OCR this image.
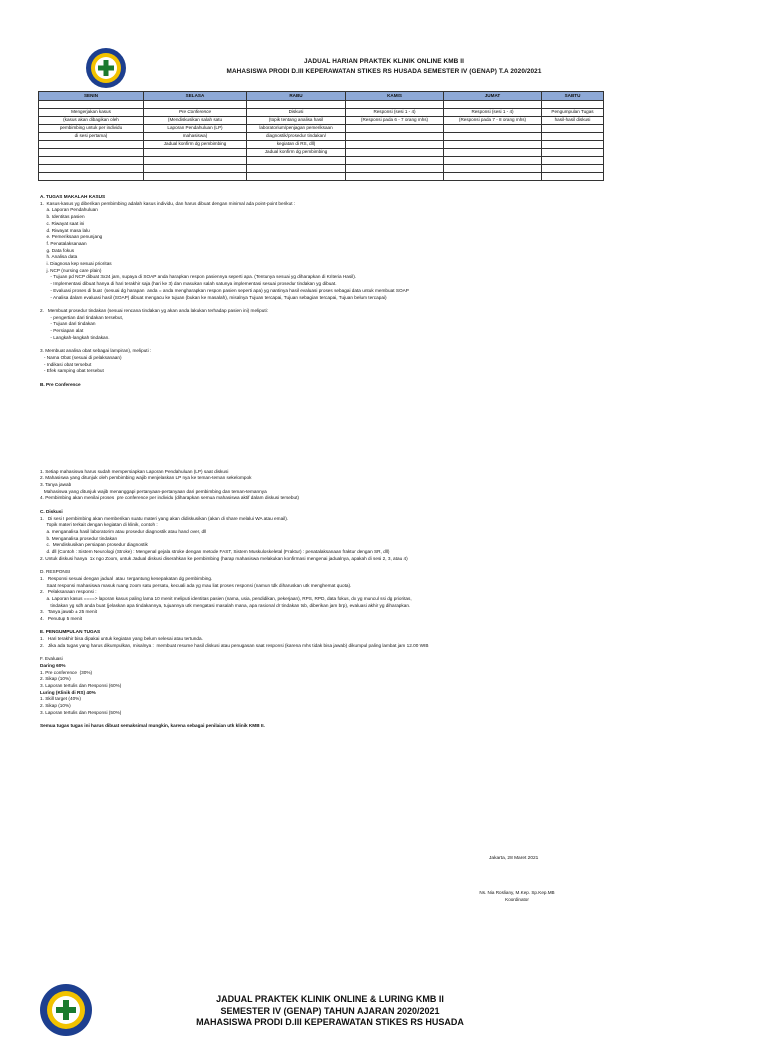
JADUAL HARIAN PRAKTEK KLINIK ONLINE KMB II
MAHASISWA PRODI D.III KEPERAWATAN STIKES RS HUSADA SEMESTER IV (GENAP) T.A 2020/2021
SENIN	SELASA	RABU	KAMIS	JUMAT	SABTU

Mengerjakan kasus	Pre Conference	Diskusi	Responsi (sesi 1 - 4)	Responsi (sesi 1 - 4)	Pengumpulan Tugas
(kasus akan dibagikan oleh	(Mendiskusikan salah satu	(topik tentang analisa hasil	(Responsi pada 6 - 7 orang mhs)	(Responsi pada 7 - 8 orang mhs)	hasil-hasil diskusi
pembimbing untuk per individu	Laporan Pendahuluan (LP)	laboratorium/penjagan pemeriksaan			
di sesi pertama)	mahasiswa)	diagnostik/prosedur tindakan/			
	Jadual konfirm dg pembimbing	kegiatan di RS, dll)			
		Jadual konfirm dg pembimbing			

A. TUGAS MAKALAH KASUS

1.  Kasus-kasus yg diberikan pembimbing adalah kasus individu, dan harus dibuat dengan minimal ada point-point berikut :

a. Laporan Pendahuluan

b. Identitas pasien

c. Riwayat saat ini

d. Riwayat masa lalu

e. Pemeriksaan penunjang

f. Penatalaksanaan

g. Data fokus

h. Analisa data

i. Diagnosa kep sesuai prioritas

j. NCP (nursing care plain)

- Tujuan pd NCP dibuat 3x24 jam, supaya di SOAP anda harapkan respon pasiennya seperti apa. (Tentunya sesuai yg diharapkan di Kriteria Hasil).

- Implementasi dibuat hanya di hari terakhir saja (hari ke 3) dan masukan salah satunya implementasi sesuai prosedur tindakan yg dibuat.

- Evaluasi proses di buat  (sesuai dg harapan  anda = anda mengharapkan respon pasien seperti apa) yg nantinya hasil evaluasi proses sebagai data untuk membuat SOAP

- Analisa dalam evaluasi hasil (SOAP) dibuat mengacu ke tujuan (bukan ke masalah), misalnya Tujuan tercapai, Tujuan sebagian tercapai, Tujuan belum tercapai)

2.   Membuat prosedur tindakan (sesuai rencana tindakan yg akan anda lakukan terhadap pasien ini) meliputi:

- pengertian dari tindakan tersebut,

- Tujuan dari tindakan

- Persiapan alat

- Langkah-langkah tindakan.

3. Membuat analisa obat sebagai lampiran), meliputi :

- Nama Obat (sesuai di pelaksanaan)

- Indikasi obat tersebut

- Efek samping obat tersebut

B. Pre Conference

1. Setiap mahasiswa harus sudah mempersiapkan Laporan Pendahuluan (LP) saat diskusi

2. Mahasiswa yang ditunjuk oleh pembimbing wajib menjelaskan LP nya ke teman-teman sekelompok

3. Tanya jawab

Mahasiswa yang ditunjuk wajib menanggapi pertanyaan-pertanyaan dari pembimbing dan teman-temannya

4. Pembimbing akan menilai proses  pre conference per individu (diharapkan semua mahasiswa aktif dalam diskusi tersebut)

C. Diskusi

1.   Di sesi I pembimbing akan memberikan suatu materi yang akan didiskusikan (akan di share melalui WA atau email).

Topik materi terkait dengan kegiatan di klinik, contoh :

a. menganalisa hasil laboratorim atau prosedur diagnostik atau hand over, dll

b. Menganalisa prosedur tindakan

c.  Mendiskusikan persiapan prosedur diagnostik

d. dll (Contoh : Sistem Neurologi (Stroke) : Mengenal gejala stroke dengan metode FAST, Sistem Muskuloskeletal (Fraktur) : penatalaksanaan fraktur dengan SR, dll)

2. Untuk diskusi hanya  1x ngo Zoom, untuk Jadual diskusi diserahkan ke pembimbing (harap mahasiswa melakukan konfirmasi mengenai jadualnya, apakah di sesi 2, 3, atau 4)

D. RESPONSI

1.   Responsi sesuai dengan jadual  atau  tergantung kesepakatan dg pembimbing.

Saat responsi mahasiswa masuk ruang zoom satu persatu, kecuali ada yg mau liat proses responsi (namun tdk diharuskan utk menghemat quota).

2.   Pelaksanaan responsi :

a. Laporan kasus ====> laporan kasus paling lama 10 menit meliputi identitas pasien (nama, usia, pendidikan, pekerjaan), RPS, RPD, data fokus, dx yg muncul ssi dg prioritas,

tindakan yg sdh anda buat (jelaskan apa tindakannya, tujuannya utk mengatasi masalah mana, apa rasional dr tindakan tsb, diberikan jam brp), evaluasi akhir yg diharapkan.

3.   Tanya jawab ± 25 menit

4.   Penutup 5 menit

E. PENGUMPULAN TUGAS

1.   Hari terakhir bisa dipakai untuk kegiatan yang belum selesai atau tertunda.

2.   Jika ada tugas yang harus dikumpulkan, misalnya :  membuat resume hasil diskusi atau penugasan saat responsi (karena mhs tidak bisa jawab) dikumpul paling lambat jam 12.00 WIB

F. Evaluasi

Daring 60%

1. Pre conference  (30%)

2. Sikap (10%)

3. Laporan tertulis dan Responsi (60%)

Luring (Klinik di RS) 40%

1. Skill target (40%)

2. Sikap (10%)

3. Laporan tertulis dan Responsi (50%)

Semua tugas tugas ini harus dibuat semaksimal mungkin, karena sebagai penilaian utk klinik KMB II.

Jakarta, 28 Maret 2021
Ns. Nia Rosliany, M.Kep. Sp.Kep.MB
Koordinator
JADUAL PRAKTEK KLINIK ONLINE & LURING KMB II
SEMESTER IV (GENAP) TAHUN AJARAN 2020/2021
MAHASISWA PRODI D.III KEPERAWATAN STIKES RS HUSADA
